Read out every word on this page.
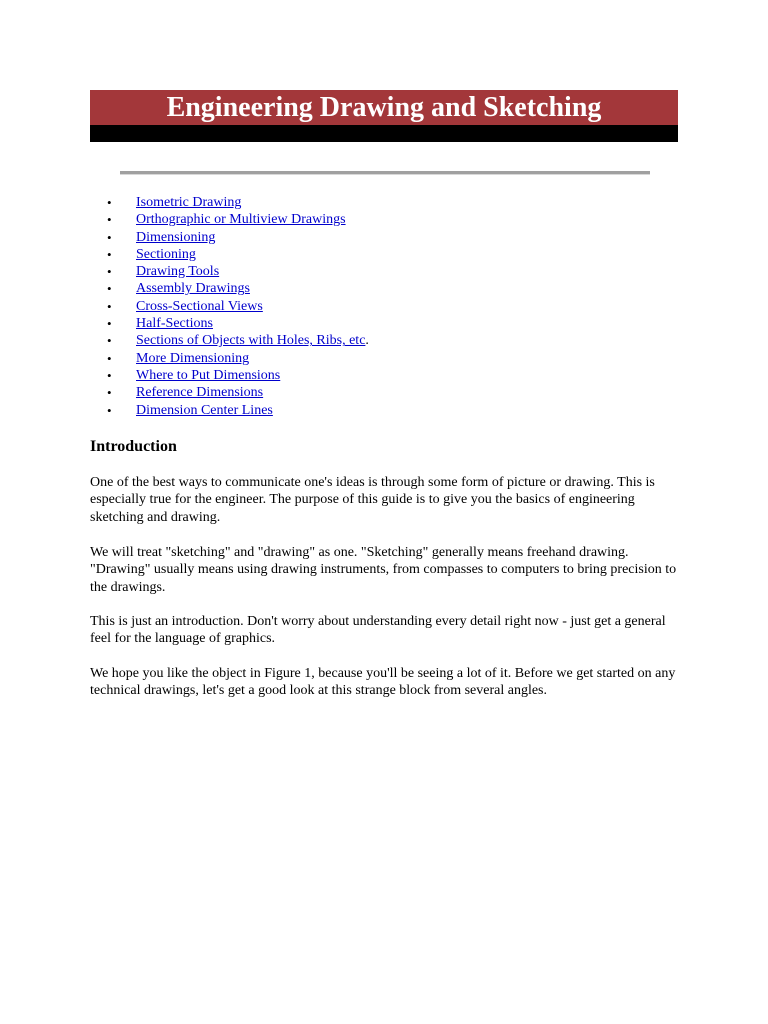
Engineering Drawing and Sketching
•	Isometric Drawing
•	Orthographic or Multiview Drawings
•	Dimensioning
•	Sectioning
•	Drawing Tools
•	Assembly Drawings
•	Cross-Sectional Views
•	Half-Sections
•	Sections of Objects with Holes, Ribs, etc.
•	More Dimensioning
•	Where to Put Dimensions
•	Reference Dimensions
•	Dimension Center Lines
Introduction

One of the best ways to communicate one's ideas is through some form of picture or drawing. This is especially true for the engineer. The purpose of this guide is to give you the basics of engineering sketching and drawing.

We will treat "sketching" and "drawing" as one. "Sketching" generally means freehand drawing. "Drawing" usually means using drawing instruments, from compasses to computers to bring precision to the drawings.

This is just an introduction. Don't worry about understanding every detail right now - just get a general feel for the language of graphics.

We hope you like the object in Figure 1, because you'll be seeing a lot of it. Before we get started on any technical drawings, let's get a good look at this strange block from several angles.
